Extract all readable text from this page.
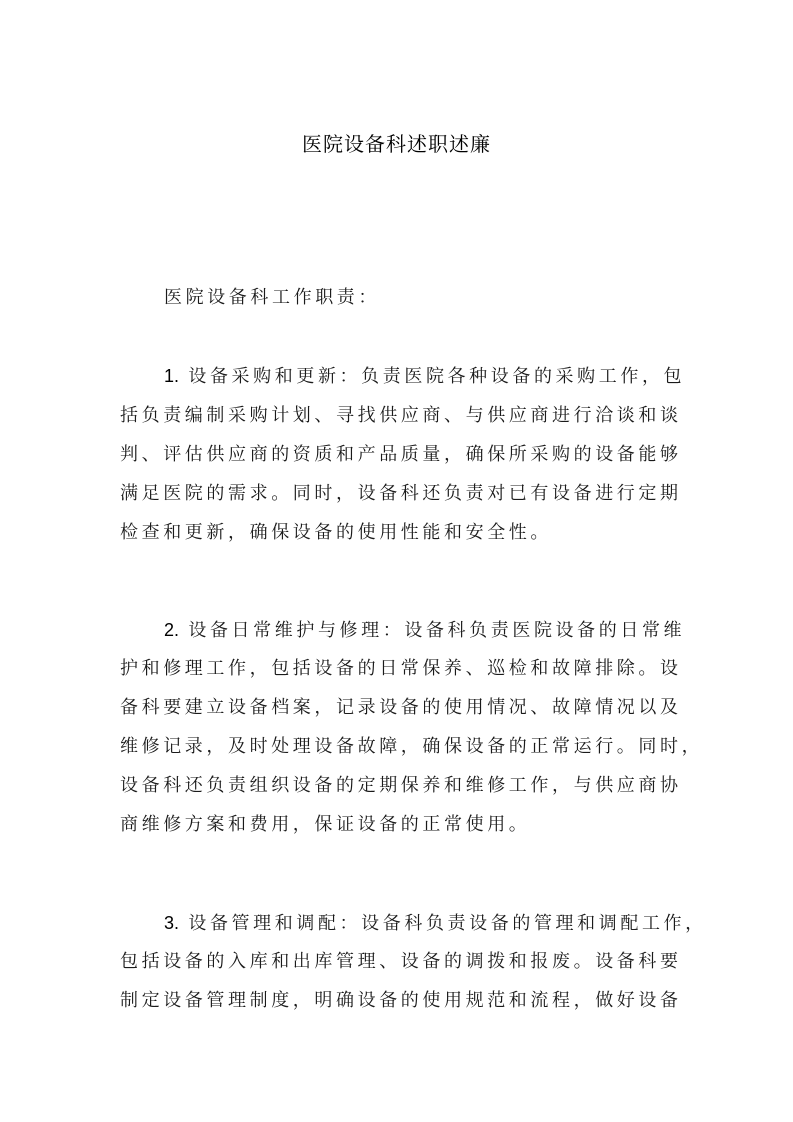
医院设备科述职述廉
医院设备科工作职责：
1. 设备采购和更新：负责医院各种设备的采购工作，包
括负责编制采购计划、寻找供应商、与供应商进行洽谈和谈
判、评估供应商的资质和产品质量，确保所采购的设备能够
满足医院的需求。同时，设备科还负责对已有设备进行定期
检查和更新，确保设备的使用性能和安全性。
2. 设备日常维护与修理：设备科负责医院设备的日常维
护和修理工作，包括设备的日常保养、巡检和故障排除。设
备科要建立设备档案，记录设备的使用情况、故障情况以及
维修记录，及时处理设备故障，确保设备的正常运行。同时，
设备科还负责组织设备的定期保养和维修工作，与供应商协
商维修方案和费用，保证设备的正常使用。
3. 设备管理和调配：设备科负责设备的管理和调配工作，
包括设备的入库和出库管理、设备的调拨和报废。设备科要
制定设备管理制度，明确设备的使用规范和流程，做好设备
